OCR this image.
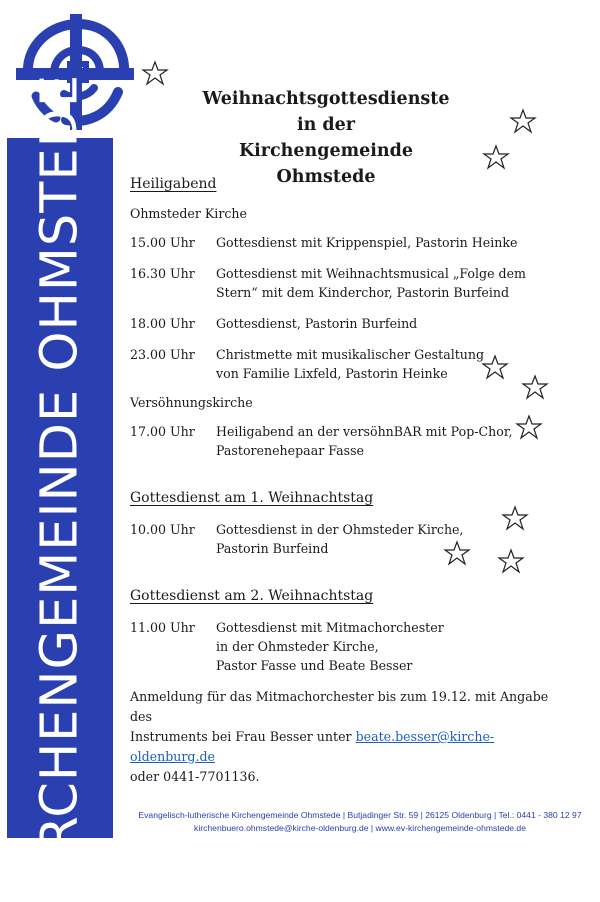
KIRCHENGEMEINDE OHMSTEDE	Weihnachtsgottesdienste in der
Kirchengemeinde Ohmstede
Heiligabend
Ohmsteder Kirche
15.00 Uhr	Gottesdienst mit Krippenspiel, Pastorin Heinke
16.30 Uhr	Gottesdienst mit Weihnachtsmusical „Folge dem
Stern“ mit dem Kinderchor, Pastorin Burfeind
18.00 Uhr	Gottesdienst, Pastorin Burfeind
23.00 Uhr	Christmette mit musikalischer Gestaltung
von Familie Lixfeld, Pastorin Heinke
Versöhnungskirche
17.00 Uhr	Heiligabend an der versöhnBAR mit Pop-Chor,
Pastorenehepaar Fasse
Gottesdienst am 1. Weihnachtstag
10.00 Uhr	Gottesdienst in der Ohmsteder Kirche,
Pastorin Burfeind
Gottesdienst am 2. Weihnachtstag
11.00 Uhr	Gottesdienst mit Mitmachorchester
in der Ohmsteder Kirche,
Pastor Fasse und Beate Besser
Anmeldung für das Mitmachorchester bis zum 19.12. mit Angabe des
Instruments bei Frau Besser unter beate.besser@kirche-oldenburg.de
oder 0441-7701136.
Evangelisch-lutherische Kirchengemeinde Ohmstede | Butjadinger Str. 59 | 26125 Oldenburg | Tel.: 0441 - 380 12 97
kirchenbuero.ohmstede@kirche-oldenburg.de | www.ev-kirchengemeinde-ohmstede.de
